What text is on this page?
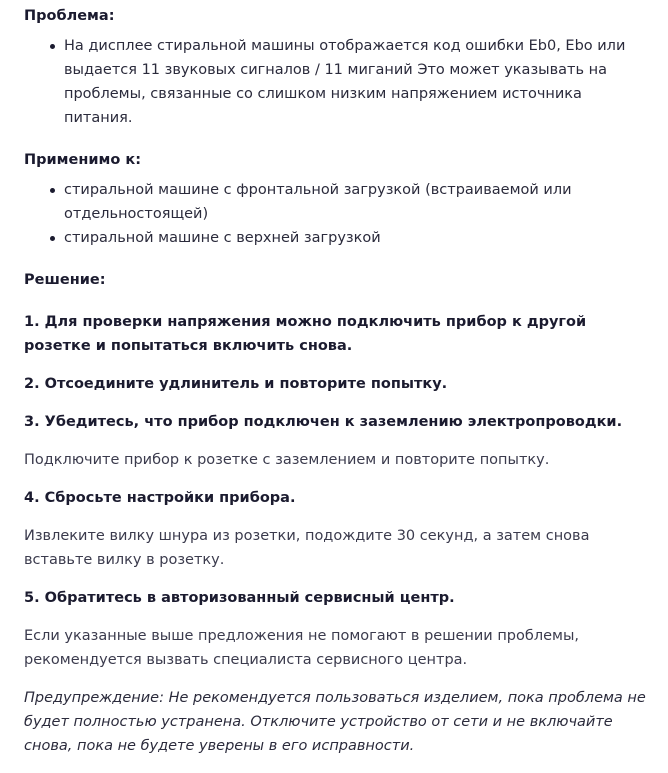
Проблема:

На дисплее стиральной машины отображается код ошибки Eb0, Ebo или выдается 11 звуковых сигналов / 11 миганий Это может указывать на проблемы, связанные со слишком низким напряжением источника питания.

Применимо к:

стиральной машине с фронтальной загрузкой (встраиваемой или отдельностоящей)
стиральной машине с верхней загрузкой

Решение:

1. Для проверки напряжения можно подключить прибор к другой розетке и попытаться включить снова.

2. Отсоедините удлинитель и повторите попытку.

3. Убедитесь, что прибор подключен к заземлению электропроводки.

Подключите прибор к розетке с заземлением и повторите попытку.

4. Сбросьте настройки прибора.

Извлеките вилку шнура из розетки, подождите 30 секунд, а затем снова вставьте вилку в розетку.

5. Обратитесь в авторизованный сервисный центр.

Если указанные выше предложения не помогают в решении проблемы, рекомендуется вызвать специалиста сервисного центра.

Предупреждение: Не рекомендуется пользоваться изделием, пока проблема не будет полностью устранена. Отключите устройство от сети и не включайте снова, пока не будете уверены в его исправности.
